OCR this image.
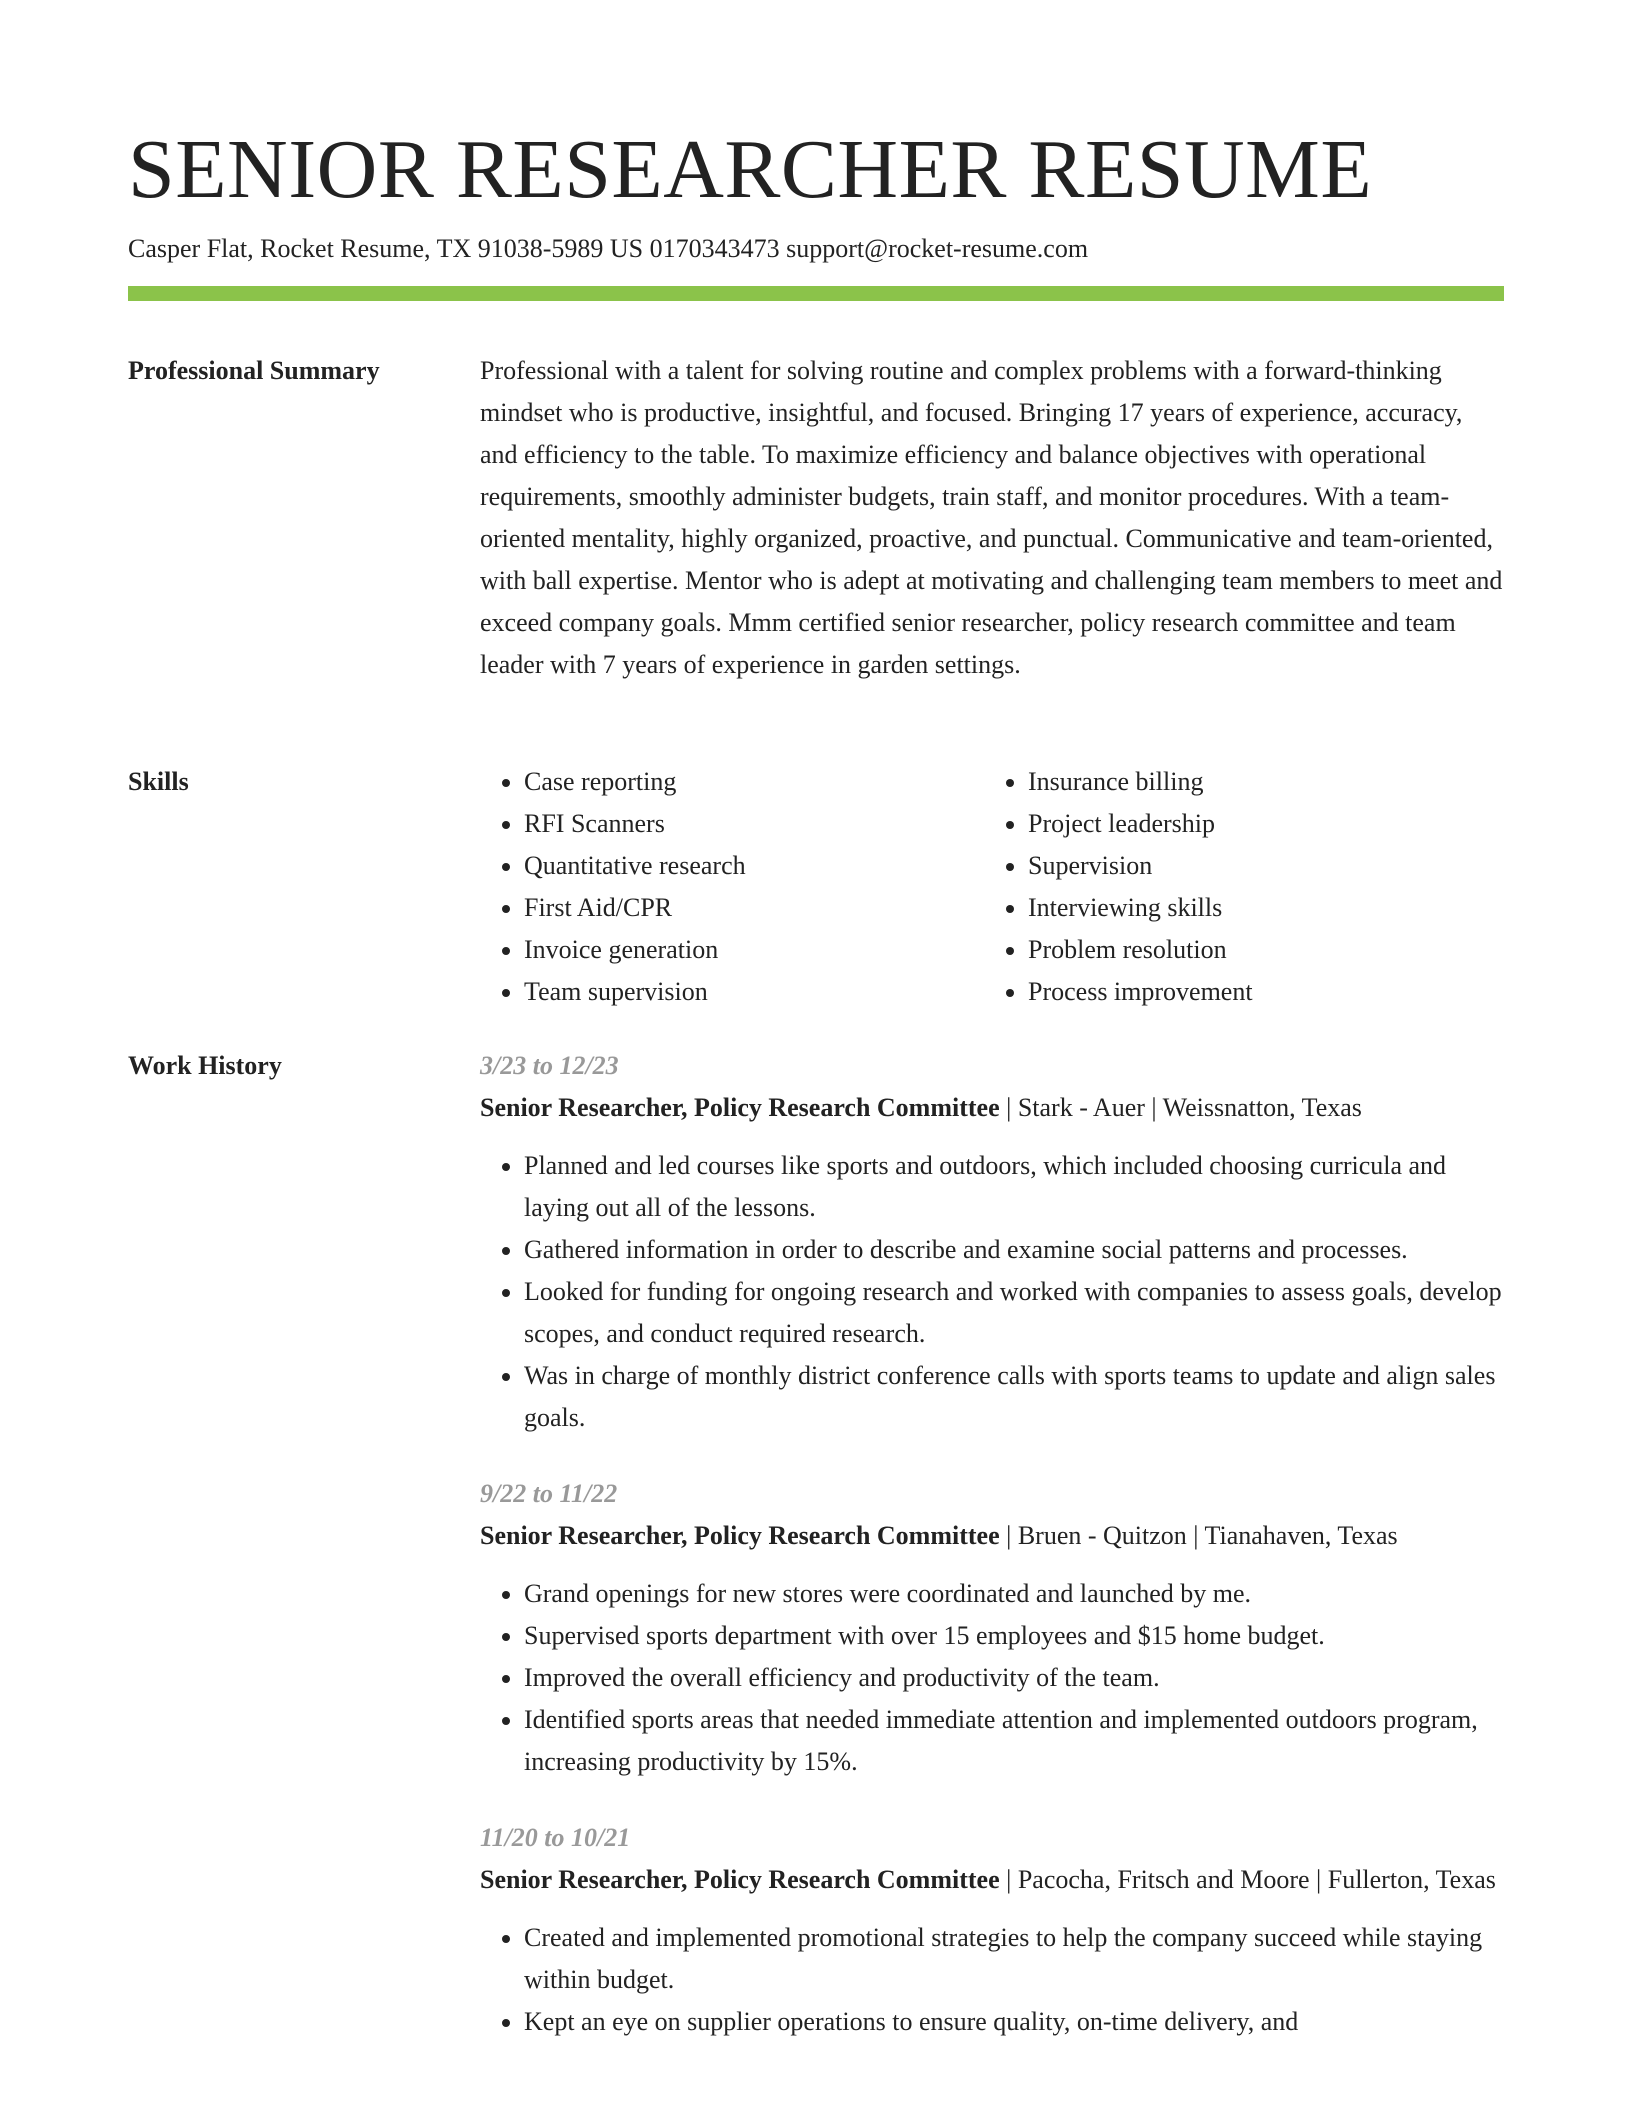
SENIOR RESEARCHER RESUME
Casper Flat, Rocket Resume, TX 91038-5989 US 0170343473 support@rocket-resume.com
Professional Summary	Professional with a talent for solving routine and complex problems with a forward-thinking mindset who is productive, insightful, and focused. Bringing 17 years of experience, accuracy, and efficiency to the table. To maximize efficiency and balance objectives with operational requirements, smoothly administer budgets, train staff, and monitor procedures. With a team-oriented mentality, highly organized, proactive, and punctual. Communicative and team-oriented, with ball expertise. Mentor who is adept at motivating and challenging team members to meet and exceed company goals. Mmm certified senior researcher, policy research committee and team leader with 7 years of experience in garden settings.

Skills
•	Case reporting
• RFI Scanners
• Quantitative research
• First Aid/CPR
• Invoice generation
• Team supervision
• Insurance billing
• Project leadership
• Supervision
• Interviewing skills
• Problem resolution
• Process improvement
Work History	3/23 to 12/23
Senior Researcher, Policy Research Committee | Stark - Auer | Weissnatton, Texas
• Planned and led courses like sports and outdoors, which included choosing curricula and laying out all of the lessons.
• Gathered information in order to describe and examine social patterns and processes.
• Looked for funding for ongoing research and worked with companies to assess goals, develop scopes, and conduct required research.
• Was in charge of monthly district conference calls with sports teams to update and align sales goals.
9/22 to 11/22
Senior Researcher, Policy Research Committee | Bruen - Quitzon | Tianahaven, Texas
• Grand openings for new stores were coordinated and launched by me.
• Supervised sports department with over 15 employees and $15 home budget.
• Improved the overall efficiency and productivity of the team.
• Identified sports areas that needed immediate attention and implemented outdoors program, increasing productivity by 15%.
11/20 to 10/21
Senior Researcher, Policy Research Committee | Pacocha, Fritsch and Moore | Fullerton, Texas
• Created and implemented promotional strategies to help the company succeed while staying within budget.
• Kept an eye on supplier operations to ensure quality, on-time delivery, and
